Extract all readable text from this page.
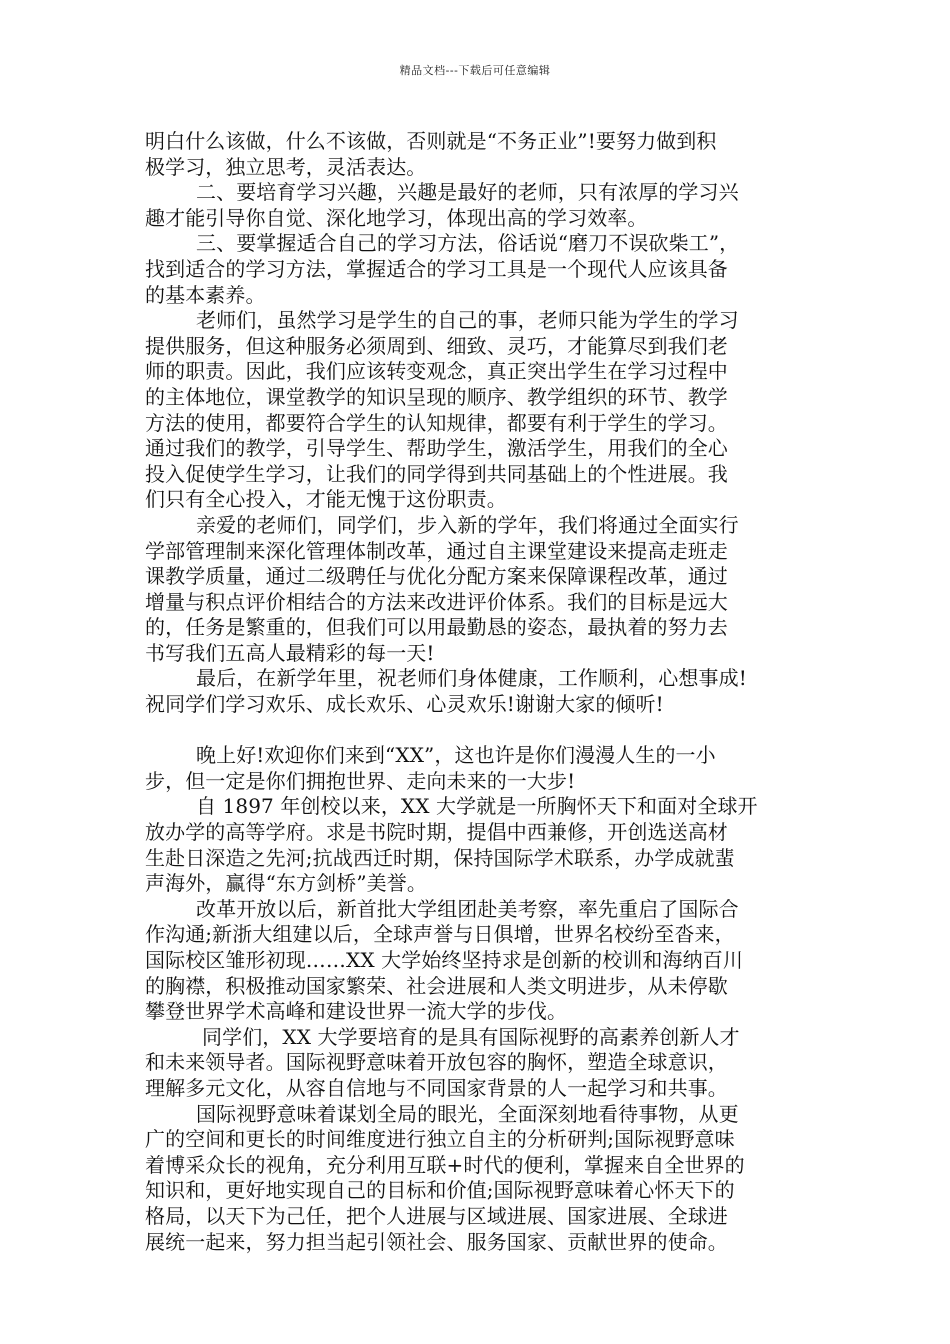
精品文档---下载后可任意编辑
明白什么该做，什么不该做，否则就是“不务正业”!要努力做到积
极学习，独立思考，灵活表达。
二、要培育学习兴趣，兴趣是最好的老师，只有浓厚的学习兴
趣才能引导你自觉、深化地学习，体现出高的学习效率。
三、要掌握适合自己的学习方法，俗话说“磨刀不误砍柴工”，
找到适合的学习方法，掌握适合的学习工具是一个现代人应该具备
的基本素养。
老师们，虽然学习是学生的自己的事，老师只能为学生的学习
提供服务，但这种服务必须周到、细致、灵巧，才能算尽到我们老
师的职责。因此，我们应该转变观念，真正突出学生在学习过程中
的主体地位，课堂教学的知识呈现的顺序、教学组织的环节、教学
方法的使用，都要符合学生的认知规律，都要有利于学生的学习。
通过我们的教学，引导学生、帮助学生，激活学生，用我们的全心
投入促使学生学习，让我们的同学得到共同基础上的个性进展。我
们只有全心投入，才能无愧于这份职责。
亲爱的老师们，同学们，步入新的学年，我们将通过全面实行
学部管理制来深化管理体制改革，通过自主课堂建设来提高走班走
课教学质量，通过二级聘任与优化分配方案来保障课程改革，通过
增量与积点评价相结合的方法来改进评价体系。我们的目标是远大
的，任务是繁重的，但我们可以用最勤恳的姿态，最执着的努力去
书写我们五高人最精彩的每一天!
最后，在新学年里，祝老师们身体健康，工作顺利，心想事成!
祝同学们学习欢乐、成长欢乐、心灵欢乐!谢谢大家的倾听!
晚上好!欢迎你们来到“XX”，这也许是你们漫漫人生的一小
步，但一定是你们拥抱世界、走向未来的一大步!
自 1897 年创校以来，XX 大学就是一所胸怀天下和面对全球开
放办学的高等学府。求是书院时期，提倡中西兼修，开创选送高材
生赴日深造之先河;抗战西迁时期，保持国际学术联系，办学成就蜚
声海外，赢得“东方剑桥”美誉。
改革开放以后，新首批大学组团赴美考察，率先重启了国际合
作沟通;新浙大组建以后，全球声誉与日俱增，世界名校纷至沓来，
国际校区雏形初现……XX 大学始终坚持求是创新的校训和海纳百川
的胸襟，积极推动国家繁荣、社会进展和人类文明进步，从未停歇
攀登世界学术高峰和建设世界一流大学的步伐。
同学们，XX 大学要培育的是具有国际视野的高素养创新人才
和未来领导者。国际视野意味着开放包容的胸怀，塑造全球意识，
理解多元文化，从容自信地与不同国家背景的人一起学习和共事。
国际视野意味着谋划全局的眼光，全面深刻地看待事物，从更
广的空间和更长的时间维度进行独立自主的分析研判;国际视野意味
着博采众长的视角，充分利用互联+时代的便利，掌握来自全世界的
知识和，更好地实现自己的目标和价值;国际视野意味着心怀天下的
格局，以天下为己任，把个人进展与区域进展、国家进展、全球进
展统一起来，努力担当起引领社会、服务国家、贡献世界的使命。
